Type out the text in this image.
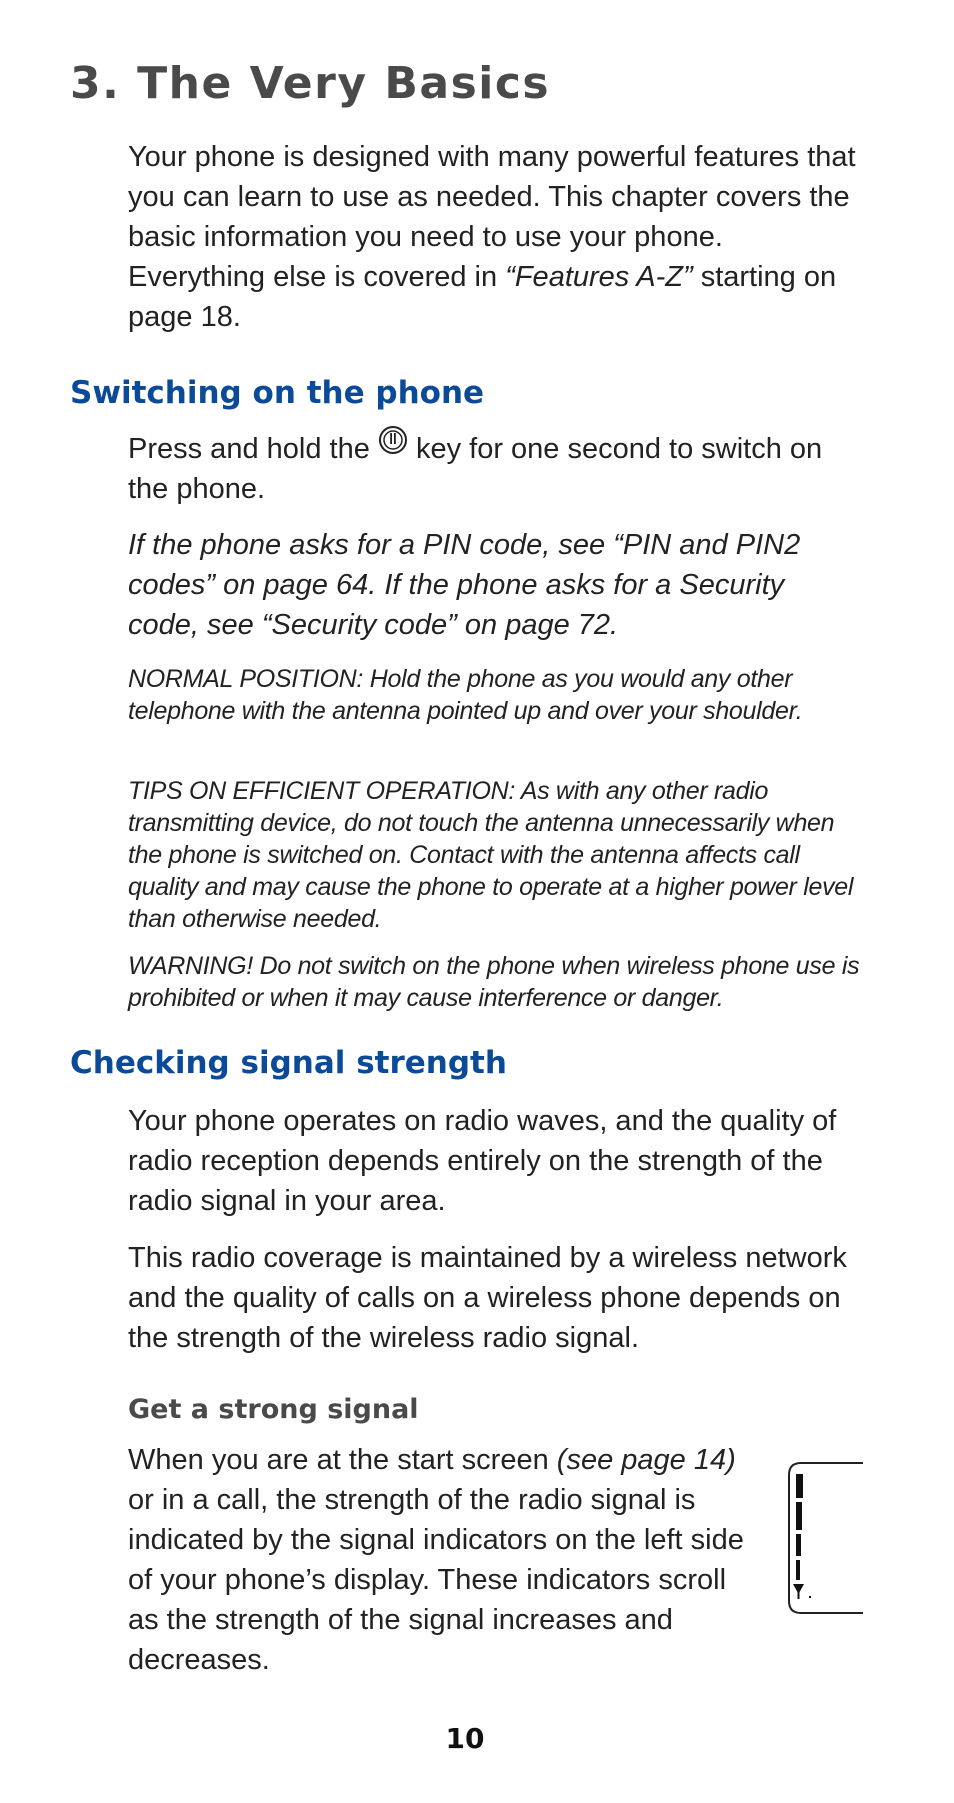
3. The Very Basics

Your phone is designed with many powerful features that you can learn to use as needed. This chapter covers the basic information you need to use your phone. Everything else is covered in “Features A-Z” starting on page 18.

Switching on the phone

Press and hold the  key for one second to switch on the phone.

If the phone asks for a PIN code, see “PIN and PIN2 codes” on page 64. If the phone asks for a Security code, see “Security code” on page 72.

NORMAL POSITION: Hold the phone as you would any other telephone with the antenna pointed up and over your shoulder.

TIPS ON EFFICIENT OPERATION: As with any other radio transmitting device, do not touch the antenna unnecessarily when the phone is switched on. Contact with the antenna affects call quality and may cause the phone to operate at a higher power level than otherwise needed.

WARNING! Do not switch on the phone when wireless phone use is prohibited or when it may cause interference or danger.

Checking signal strength

Your phone operates on radio waves, and the quality of radio reception depends entirely on the strength of the radio signal in your area.

This radio coverage is maintained by a wireless network and the quality of calls on a wireless phone depends on the strength of the wireless radio signal.

Get a strong signal

When you are at the start screen (see page 14) or in a call, the strength of the radio signal is indicated by the signal indicators on the left side of your phone’s display. These indicators scroll as the strength of the signal increases and decreases.

10
